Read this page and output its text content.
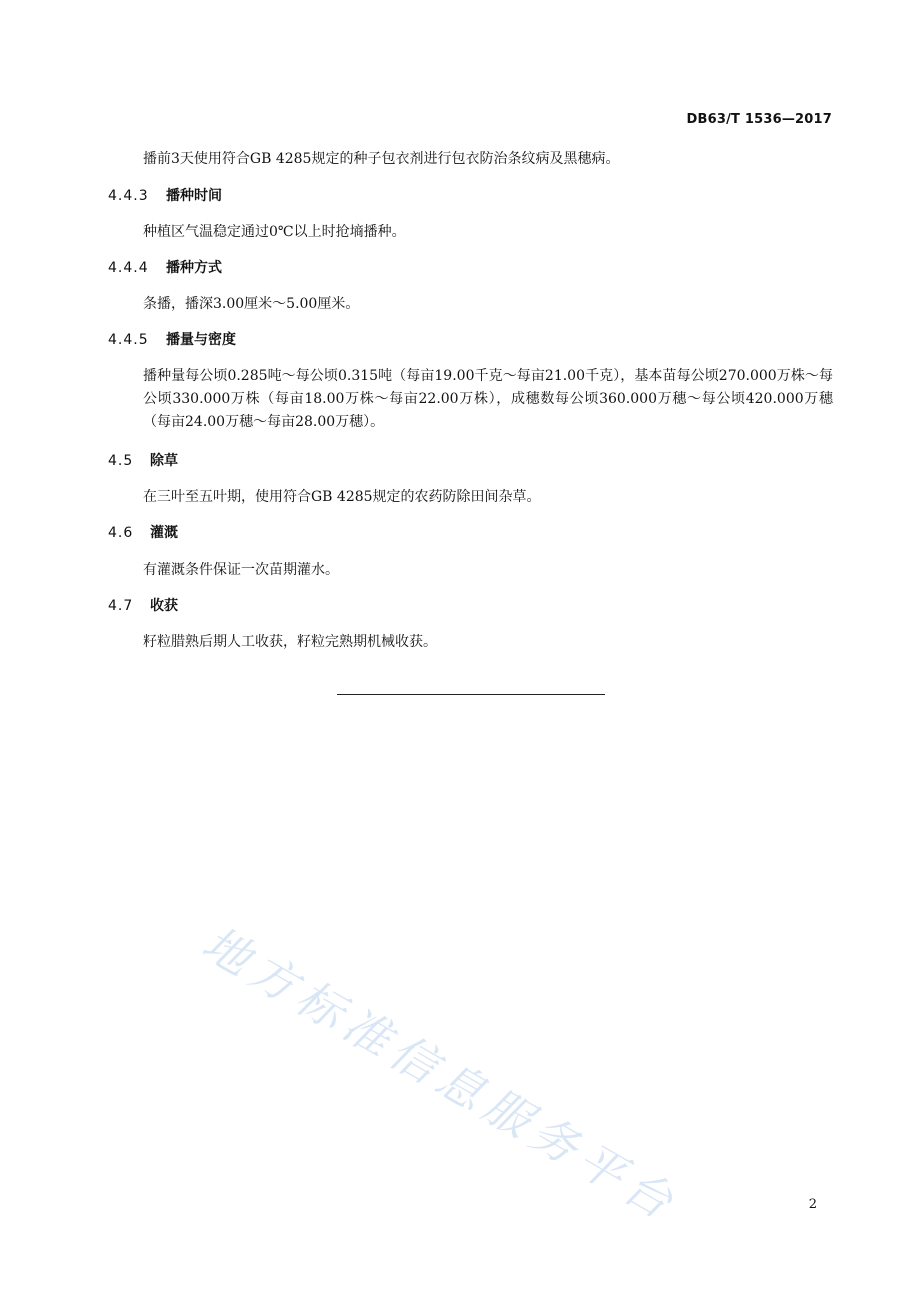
DB63/T 1536—2017
播前3天使用符合GB 4285规定的种子包衣剂进行包衣防治条纹病及黑穗病。
4.4.3 播种时间
种植区气温稳定通过0℃以上时抢墒播种。
4.4.4 播种方式
条播，播深3.00厘米～5.00厘米。
4.4.5 播量与密度
播种量每公顷0.285吨～每公顷0.315吨（每亩19.00千克～每亩21.00千克），基本苗每公顷270.000万株～每公顷330.000万株（每亩18.00万株～每亩22.00万株），成穗数每公顷360.000万穗～每公顷420.000万穗（每亩24.00万穗～每亩28.00万穗）。
4.5 除草
在三叶至五叶期，使用符合GB 4285规定的农药防除田间杂草。
4.6 灌溉
有灌溉条件保证一次苗期灌水。
4.7 收获
籽粒腊熟后期人工收获，籽粒完熟期机械收获。
地方标准信息服务平台	2
